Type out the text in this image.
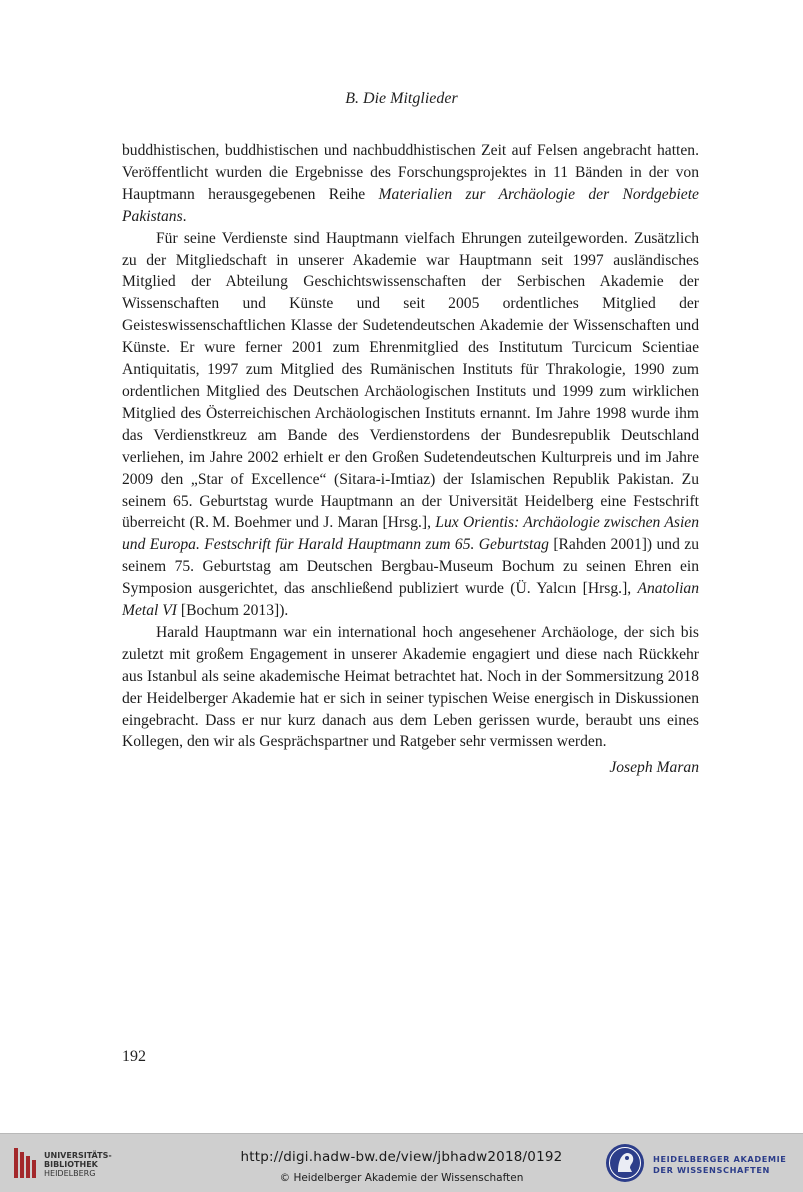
B. Die Mitglieder

buddhistischen, buddhistischen und nachbuddhistischen Zeit auf Felsen angebracht hatten. Veröffentlicht wurden die Ergebnisse des Forschungsprojektes in 11 Bänden in der von Hauptmann herausgegebenen Reihe Materialien zur Archäologie der Nordgebiete Pakistans.

Für seine Verdienste sind Hauptmann vielfach Ehrungen zuteilgeworden. Zusätzlich zu der Mitgliedschaft in unserer Akademie war Hauptmann seit 1997 ausländisches Mitglied der Abteilung Geschichtswissenschaften der Serbischen Akademie der Wissenschaften und Künste und seit 2005 ordentliches Mitglied der Geisteswissenschaftlichen Klasse der Sudetendeutschen Akademie der Wissenschaften und Künste. Er wure ferner 2001 zum Ehrenmitglied des Institutum Turcicum Scientiae Antiquitatis, 1997 zum Mitglied des Rumänischen Instituts für Thrakologie, 1990 zum ordentlichen Mitglied des Deutschen Archäologischen Instituts und 1999 zum wirklichen Mitglied des Österreichischen Archäologischen Instituts ernannt. Im Jahre 1998 wurde ihm das Verdienstkreuz am Bande des Verdienstordens der Bundesrepublik Deutschland verliehen, im Jahre 2002 erhielt er den Großen Sudetendeutschen Kulturpreis und im Jahre 2009 den „Star of Excellence“ (Sitara-i-Imtiaz) der Islamischen Republik Pakistan. Zu seinem 65. Geburtstag wurde Hauptmann an der Universität Heidelberg eine Festschrift überreicht (R. M. Boehmer und J. Maran [Hrsg.], Lux Orientis: Archäologie zwischen Asien und Europa. Festschrift für Harald Hauptmann zum 65. Geburtstag [Rahden 2001]) und zu seinem 75. Geburtstag am Deutschen Bergbau-Museum Bochum zu seinen Ehren ein Symposion ausgerichtet, das anschließend publiziert wurde (Ü. Yalcın [Hrsg.], Anatolian Metal VI [Bochum 2013]).

Harald Hauptmann war ein international hoch angesehener Archäologe, der sich bis zuletzt mit großem Engagement in unserer Akademie engagiert und diese nach Rückkehr aus Istanbul als seine akademische Heimat betrachtet hat. Noch in der Sommersitzung 2018 der Heidelberger Akademie hat er sich in seiner typischen Weise energisch in Diskussionen eingebracht. Dass er nur kurz danach aus dem Leben gerissen wurde, beraubt uns eines Kollegen, den wir als Gesprächspartner und Ratgeber sehr vermissen werden.

Joseph Maran
192
UNIVERSITÄTS-
BIBLIOTHEK
HEIDELBERG
http://digi.hadw-bw.de/view/jbhadw2018/0192
© Heidelberger Akademie der Wissenschaften
HEIDELBERGER AKADEMIE
DER WISSENSCHAFTEN
